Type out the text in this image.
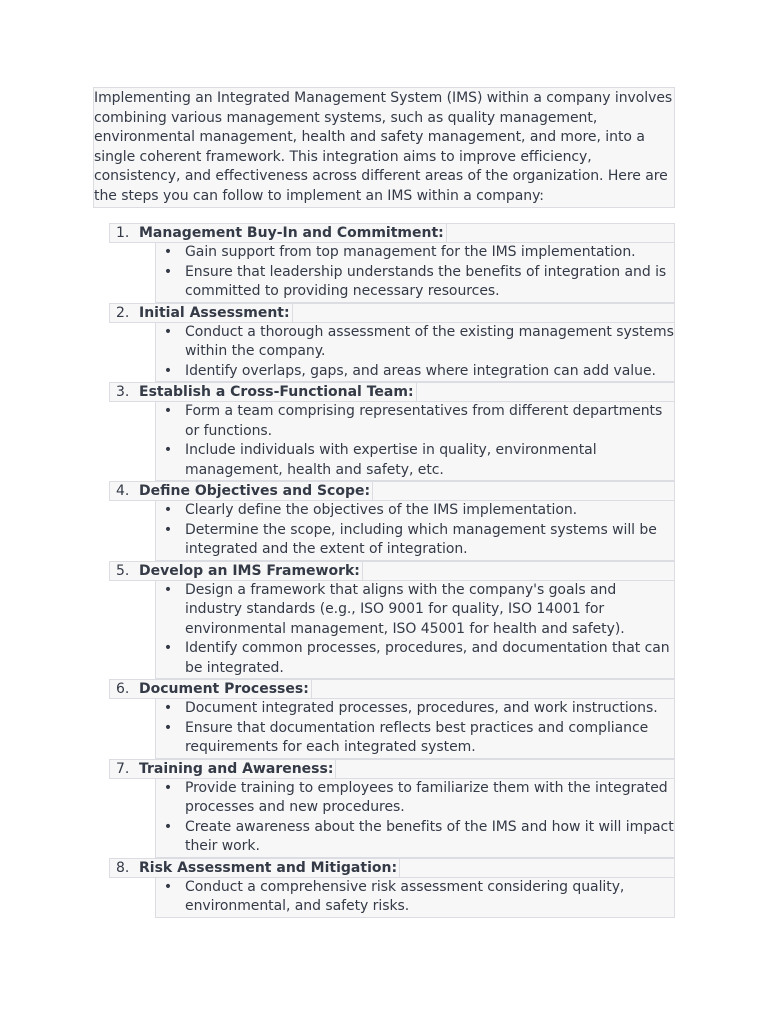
Implementing an Integrated Management System (IMS) within a company involves combining various management systems, such as quality management, environmental management, health and safety management, and more, into a single coherent framework. This integration aims to improve efficiency, consistency, and effectiveness across different areas of the organization. Here are the steps you can follow to implement an IMS within a company:
1. Management Buy-In and Commitment:
• Gain support from top management for the IMS implementation.
• Ensure that leadership understands the benefits of integration and is committed to providing necessary resources.
2. Initial Assessment:
• Conduct a thorough assessment of the existing management systems within the company.
• Identify overlaps, gaps, and areas where integration can add value.
3. Establish a Cross-Functional Team:
• Form a team comprising representatives from different departments or functions.
• Include individuals with expertise in quality, environmental management, health and safety, etc.
4. Define Objectives and Scope:
• Clearly define the objectives of the IMS implementation.
• Determine the scope, including which management systems will be integrated and the extent of integration.
5. Develop an IMS Framework:
• Design a framework that aligns with the company's goals and industry standards (e.g., ISO 9001 for quality, ISO 14001 for environmental management, ISO 45001 for health and safety).
• Identify common processes, procedures, and documentation that can be integrated.
6. Document Processes:
• Document integrated processes, procedures, and work instructions.
• Ensure that documentation reflects best practices and compliance requirements for each integrated system.
7. Training and Awareness:
• Provide training to employees to familiarize them with the integrated processes and new procedures.
• Create awareness about the benefits of the IMS and how it will impact their work.
8. Risk Assessment and Mitigation:
• Conduct a comprehensive risk assessment considering quality, environmental, and safety risks.
